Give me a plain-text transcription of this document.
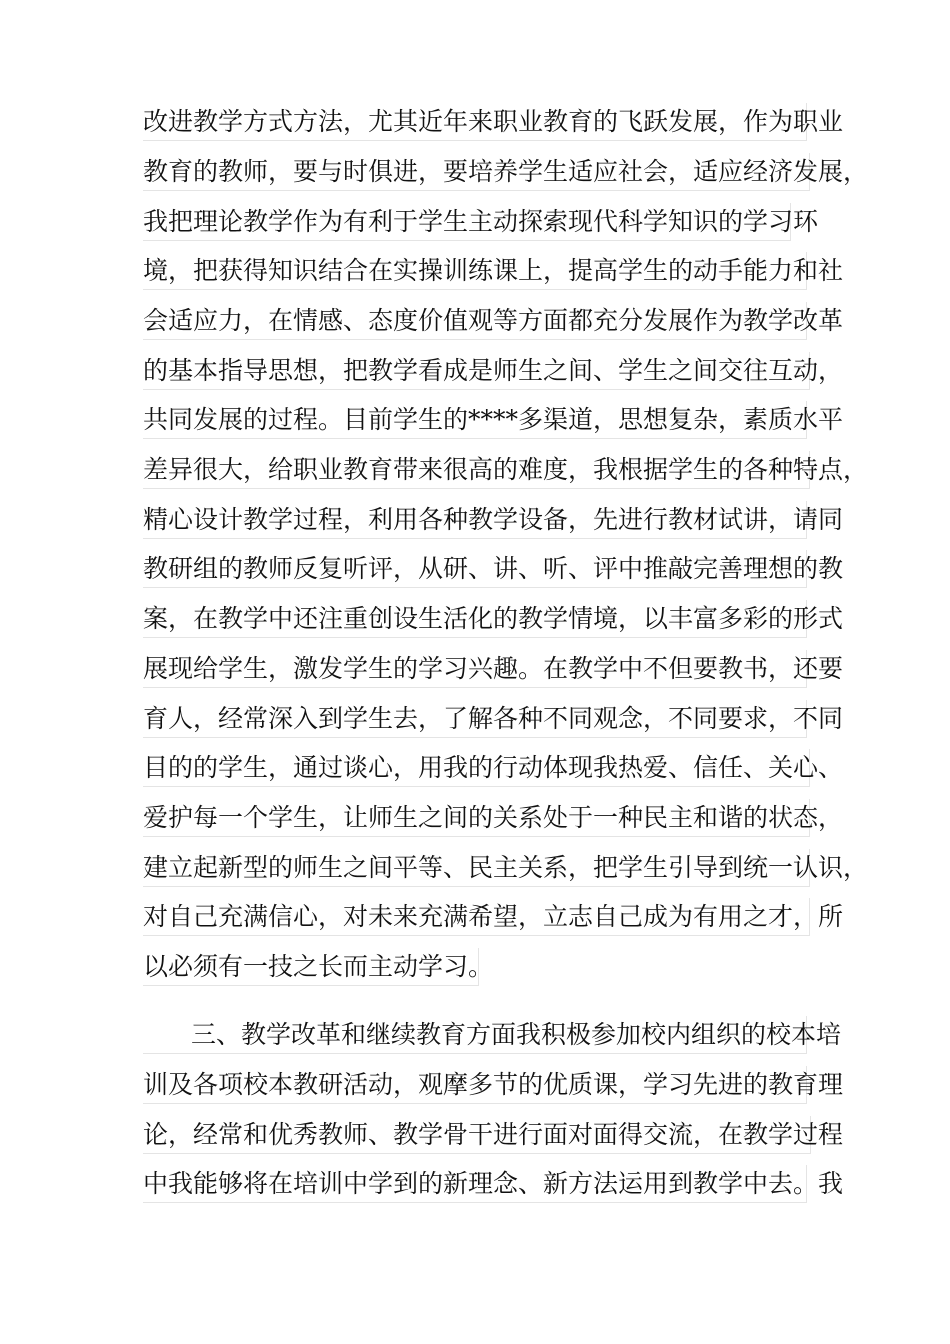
改进教学方式方法，尤其近年来职业教育的飞跃发展，作为职业
教育的教师，要与时俱进，要培养学生适应社会，适应经济发展，
我把理论教学作为有利于学生主动探索现代科学知识的学习环
境，把获得知识结合在实操训练课上，提高学生的动手能力和社
会适应力，在情感、态度价值观等方面都充分发展作为教学改革
的基本指导思想，把教学看成是师生之间、学生之间交往互动，
共同发展的过程。目前学生的****多渠道，思想复杂，素质水平
差异很大，给职业教育带来很高的难度，我根据学生的各种特点，
精心设计教学过程，利用各种教学设备，先进行教材试讲，请同
教研组的教师反复听评，从研、讲、听、评中推敲完善理想的教
案，在教学中还注重创设生活化的教学情境，以丰富多彩的形式
展现给学生，激发学生的学习兴趣。在教学中不但要教书，还要
育人，经常深入到学生去，了解各种不同观念，不同要求，不同
目的的学生，通过谈心，用我的行动体现我热爱、信任、关心、
爱护每一个学生，让师生之间的关系处于一种民主和谐的状态，
建立起新型的师生之间平等、民主关系，把学生引导到统一认识，
对自己充满信心，对未来充满希望，立志自己成为有用之才，所
以必须有一技之长而主动学习。
三、教学改革和继续教育方面我积极参加校内组织的校本培
训及各项校本教研活动，观摩多节的优质课，学习先进的教育理
论，经常和优秀教师、教学骨干进行面对面得交流，在教学过程
中我能够将在培训中学到的新理念、新方法运用到教学中去。我
